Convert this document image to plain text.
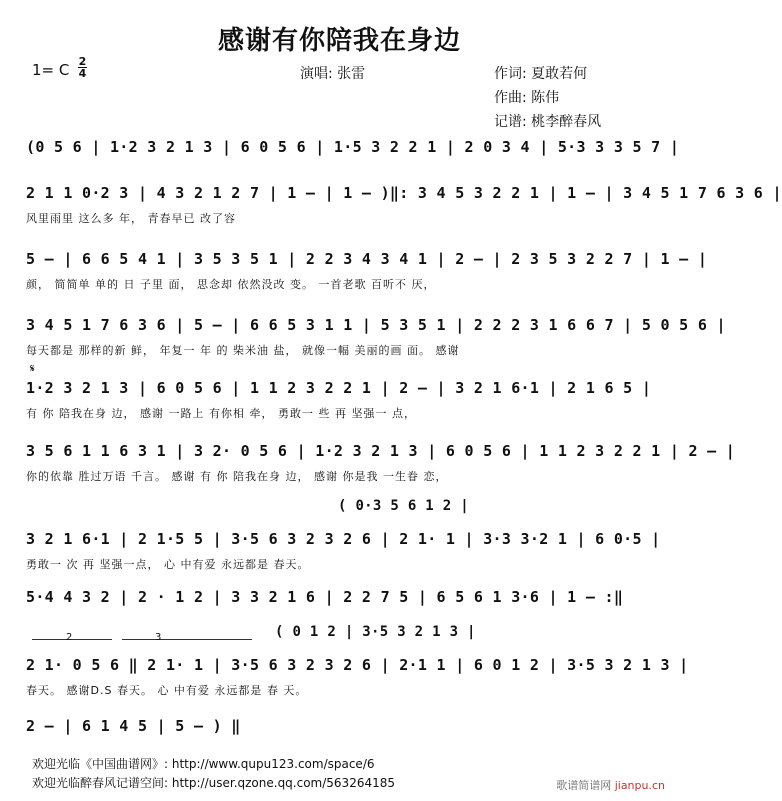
感谢有你陪我在身边
1= C 2
4	演唱: 张雷	作词: 夏敢若何
作曲: 陈伟
记谱: 桃李醉春风
𝄋
(0 5 6 | 1·2 3 2 1 3 | 6 0 5 6 | 1·5 3 2 2 1 | 2 0 3 4 | 5·3 3 3 5 7 |
2 1 1 0·2 3 | 4 3 2 1 2 7 | 1 — | 1 — )‖: 3 4 5 3 2 2 1 | 1 — | 3 4 5 1 7 6 3 6 |
风里雨里 这么多 年， 青春早已 改了容
5 — | 6 6 5 4 1 | 3 5 3 5 1 | 2 2 3 4 3 4 1 | 2 — | 2 3 5 3 2 2 7 | 1 — |
颜， 简简单 单的 日 子里 面， 思念却 依然没改 变。 一首老歌 百听不 厌，
3 4 5 1 7 6 3 6 | 5 — | 6 6 5 3 1 1 | 5 3 5 1 | 2 2 2 3 1 6 6 7 | 5 0 5 6 |
每天都是 那样的新 鲜， 年复一 年 的 柴米油 盐， 就像一幅 美丽的画 面。 感谢
1·2 3 2 1 3 | 6 0 5 6 | 1 1 2 3 2 2 1 | 2 — | 3 2 1 6·1 | 2 1 6 5 |
有 你 陪我在身 边， 感谢 一路上 有你相 牵， 勇敢一 些 再 坚强一 点，
3 5 6 1 1 6 3 1 | 3 2· 0 5 6 | 1·2 3 2 1 3 | 6 0 5 6 | 1 1 2 3 2 2 1 | 2 — |
你的依靠 胜过万语 千言。 感谢 有 你 陪我在身 边， 感谢 你是我 一生眷 恋，
( 0·3 5 6 1 2 |
3 2 1 6·1 | 2 1·5 5 | 3·5 6 3 2 3 2 6 | 2 1· 1 | 3·3 3·2 1 | 6 0·5 |
勇敢一 次 再 坚强一点， 心 中有爱 永远都是 春天。
5·4 4 3 2 | 2 · 1 2 | 3 3 2 1 6 | 2 2 7 5 | 6 5 6 1 3·6 | 1 — :‖
2	3	( 0 1 2 | 3·5 3 2 1 3 |
2 1· 0 5 6 ‖ 2 1· 1 | 3·5 6 3 2 3 2 6 | 2·1 1 | 6 0 1 2 | 3·5 3 2 1 3 |
春天。 感谢D.S 春天。 心 中有爱 永远都是 春 天。
2 — | 6 1 4 5 | 5 — ) ‖
欢迎光临《中国曲谱网》: http://www.qupu123.com/space/6
欢迎光临醉春风记谱空间: http://user.qzone.qq.com/563264185	歌谱简谱网 jianpu.cn
